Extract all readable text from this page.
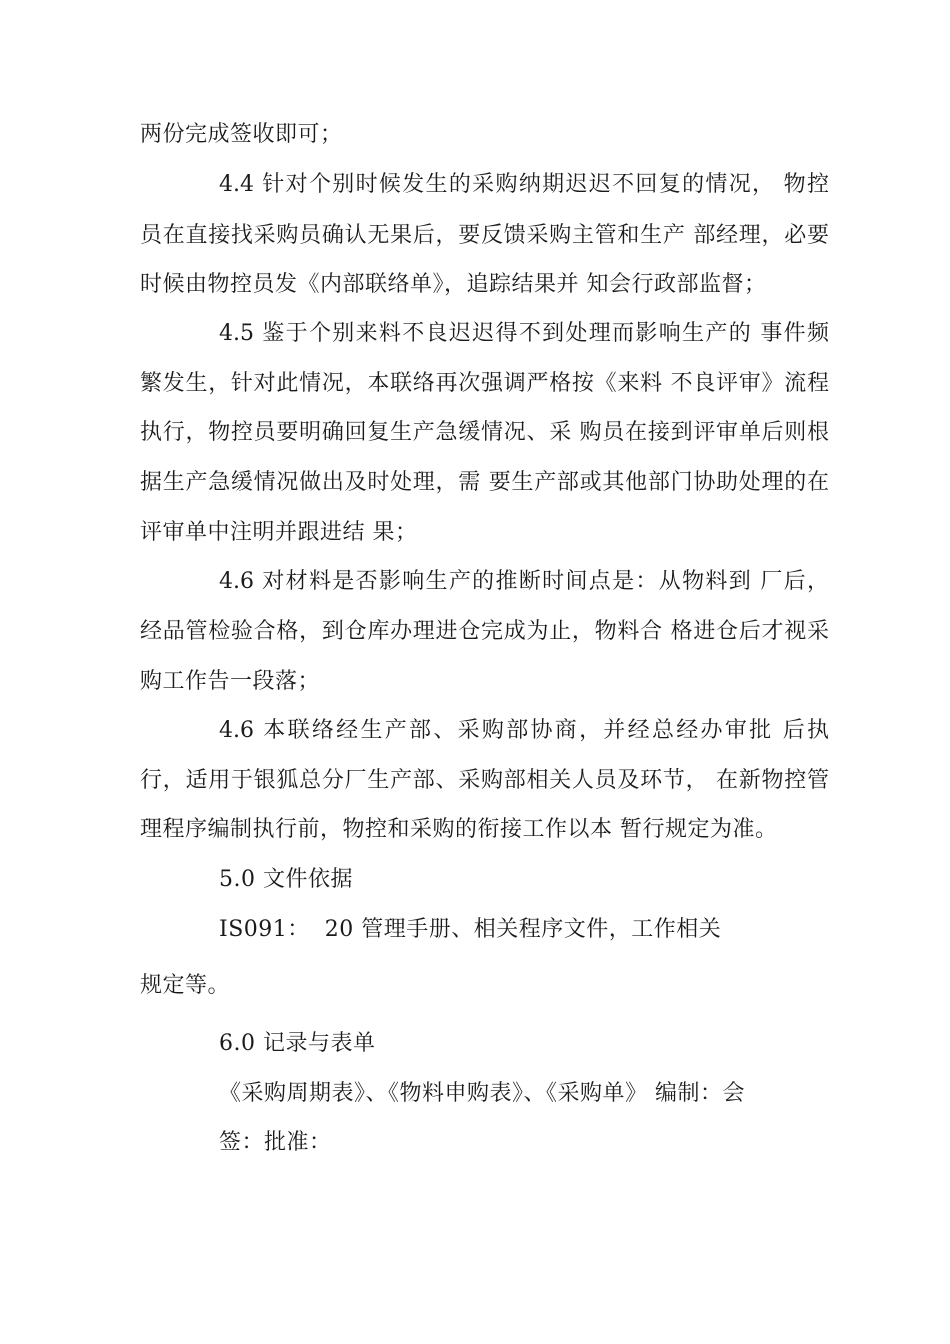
两份完成签收即可；
4.4 针对个别时候发生的采购纳期迟迟不回复的情况， 物控
员在直接找采购员确认无果后，要反馈采购主管和生产 部经理，必要
时候由物控员发《内部联络单》，追踪结果并 知会行政部监督；
4.5 鉴于个别来料不良迟迟得不到处理而影响生产的 事件频
繁发生，针对此情况，本联络再次强调严格按《来料 不良评审》流程
执行，物控员要明确回复生产急缓情况、采 购员在接到评审单后则根
据生产急缓情况做出及时处理，需 要生产部或其他部门协助处理的在
评审单中注明并跟进结 果；
4.6 对材料是否影响生产的推断时间点是：从物料到 厂后，
经品管检验合格，到仓库办理进仓完成为止，物料合 格进仓后才视采
购工作告一段落；
4.6 本联络经生产部、采购部协商，并经总经办审批 后执
行，适用于银狐总分厂生产部、采购部相关人员及环节， 在新物控管
理程序编制执行前，物控和采购的衔接工作以本 暂行规定为准。
5.0 文件依据
IS091：  20 管理手册、相关程序文件，工作相关
规定等。
6.0 记录与表单
《采购周期表》、《物料申购表》、《采购单》 编制：会
签：批准：
